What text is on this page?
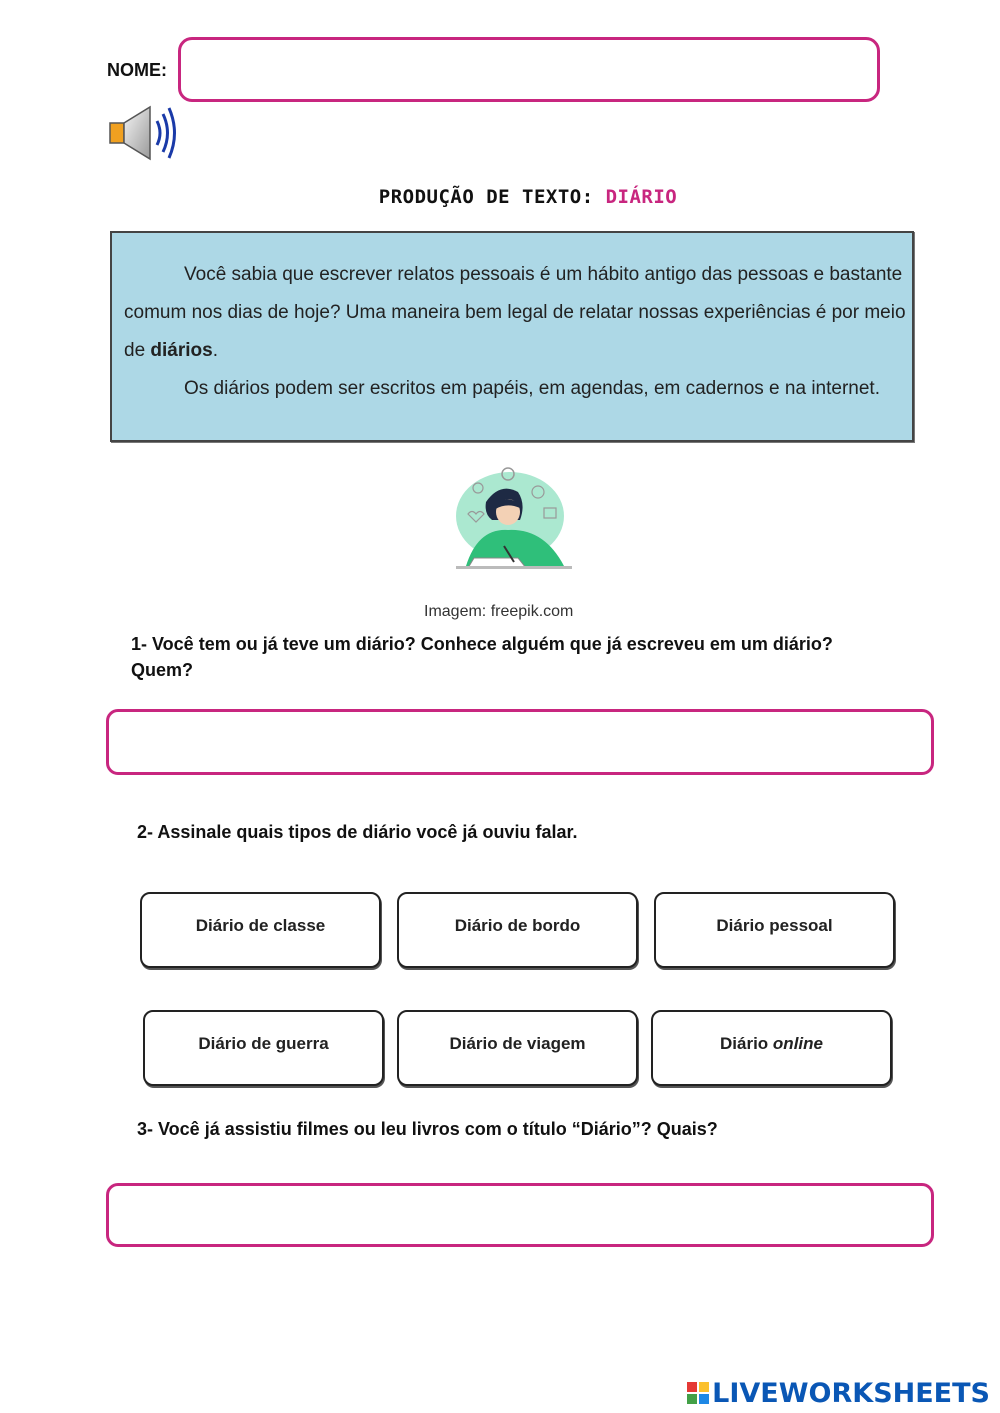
NOME:
PRODUÇÃO DE TEXTO: DIÁRIO
Você sabia que escrever relatos pessoais é um hábito antigo das pessoas e bastante
comum nos dias de hoje? Uma maneira bem legal de relatar nossas experiências é por meio
de diários.
Os diários podem ser escritos em papéis, em agendas, em cadernos e na internet.
Imagem: freepik.com
1- Você tem ou já teve um diário? Conhece alguém que já escreveu em um diário?
Quem?
2- Assinale quais tipos de diário você já ouviu falar.
Diário de classe	Diário de bordo	Diário pessoal
Diário de guerra	Diário de viagem	Diário online
3- Você já assistiu filmes ou leu livros com o título “Diário”? Quais?
LIVEWORKSHEETS
